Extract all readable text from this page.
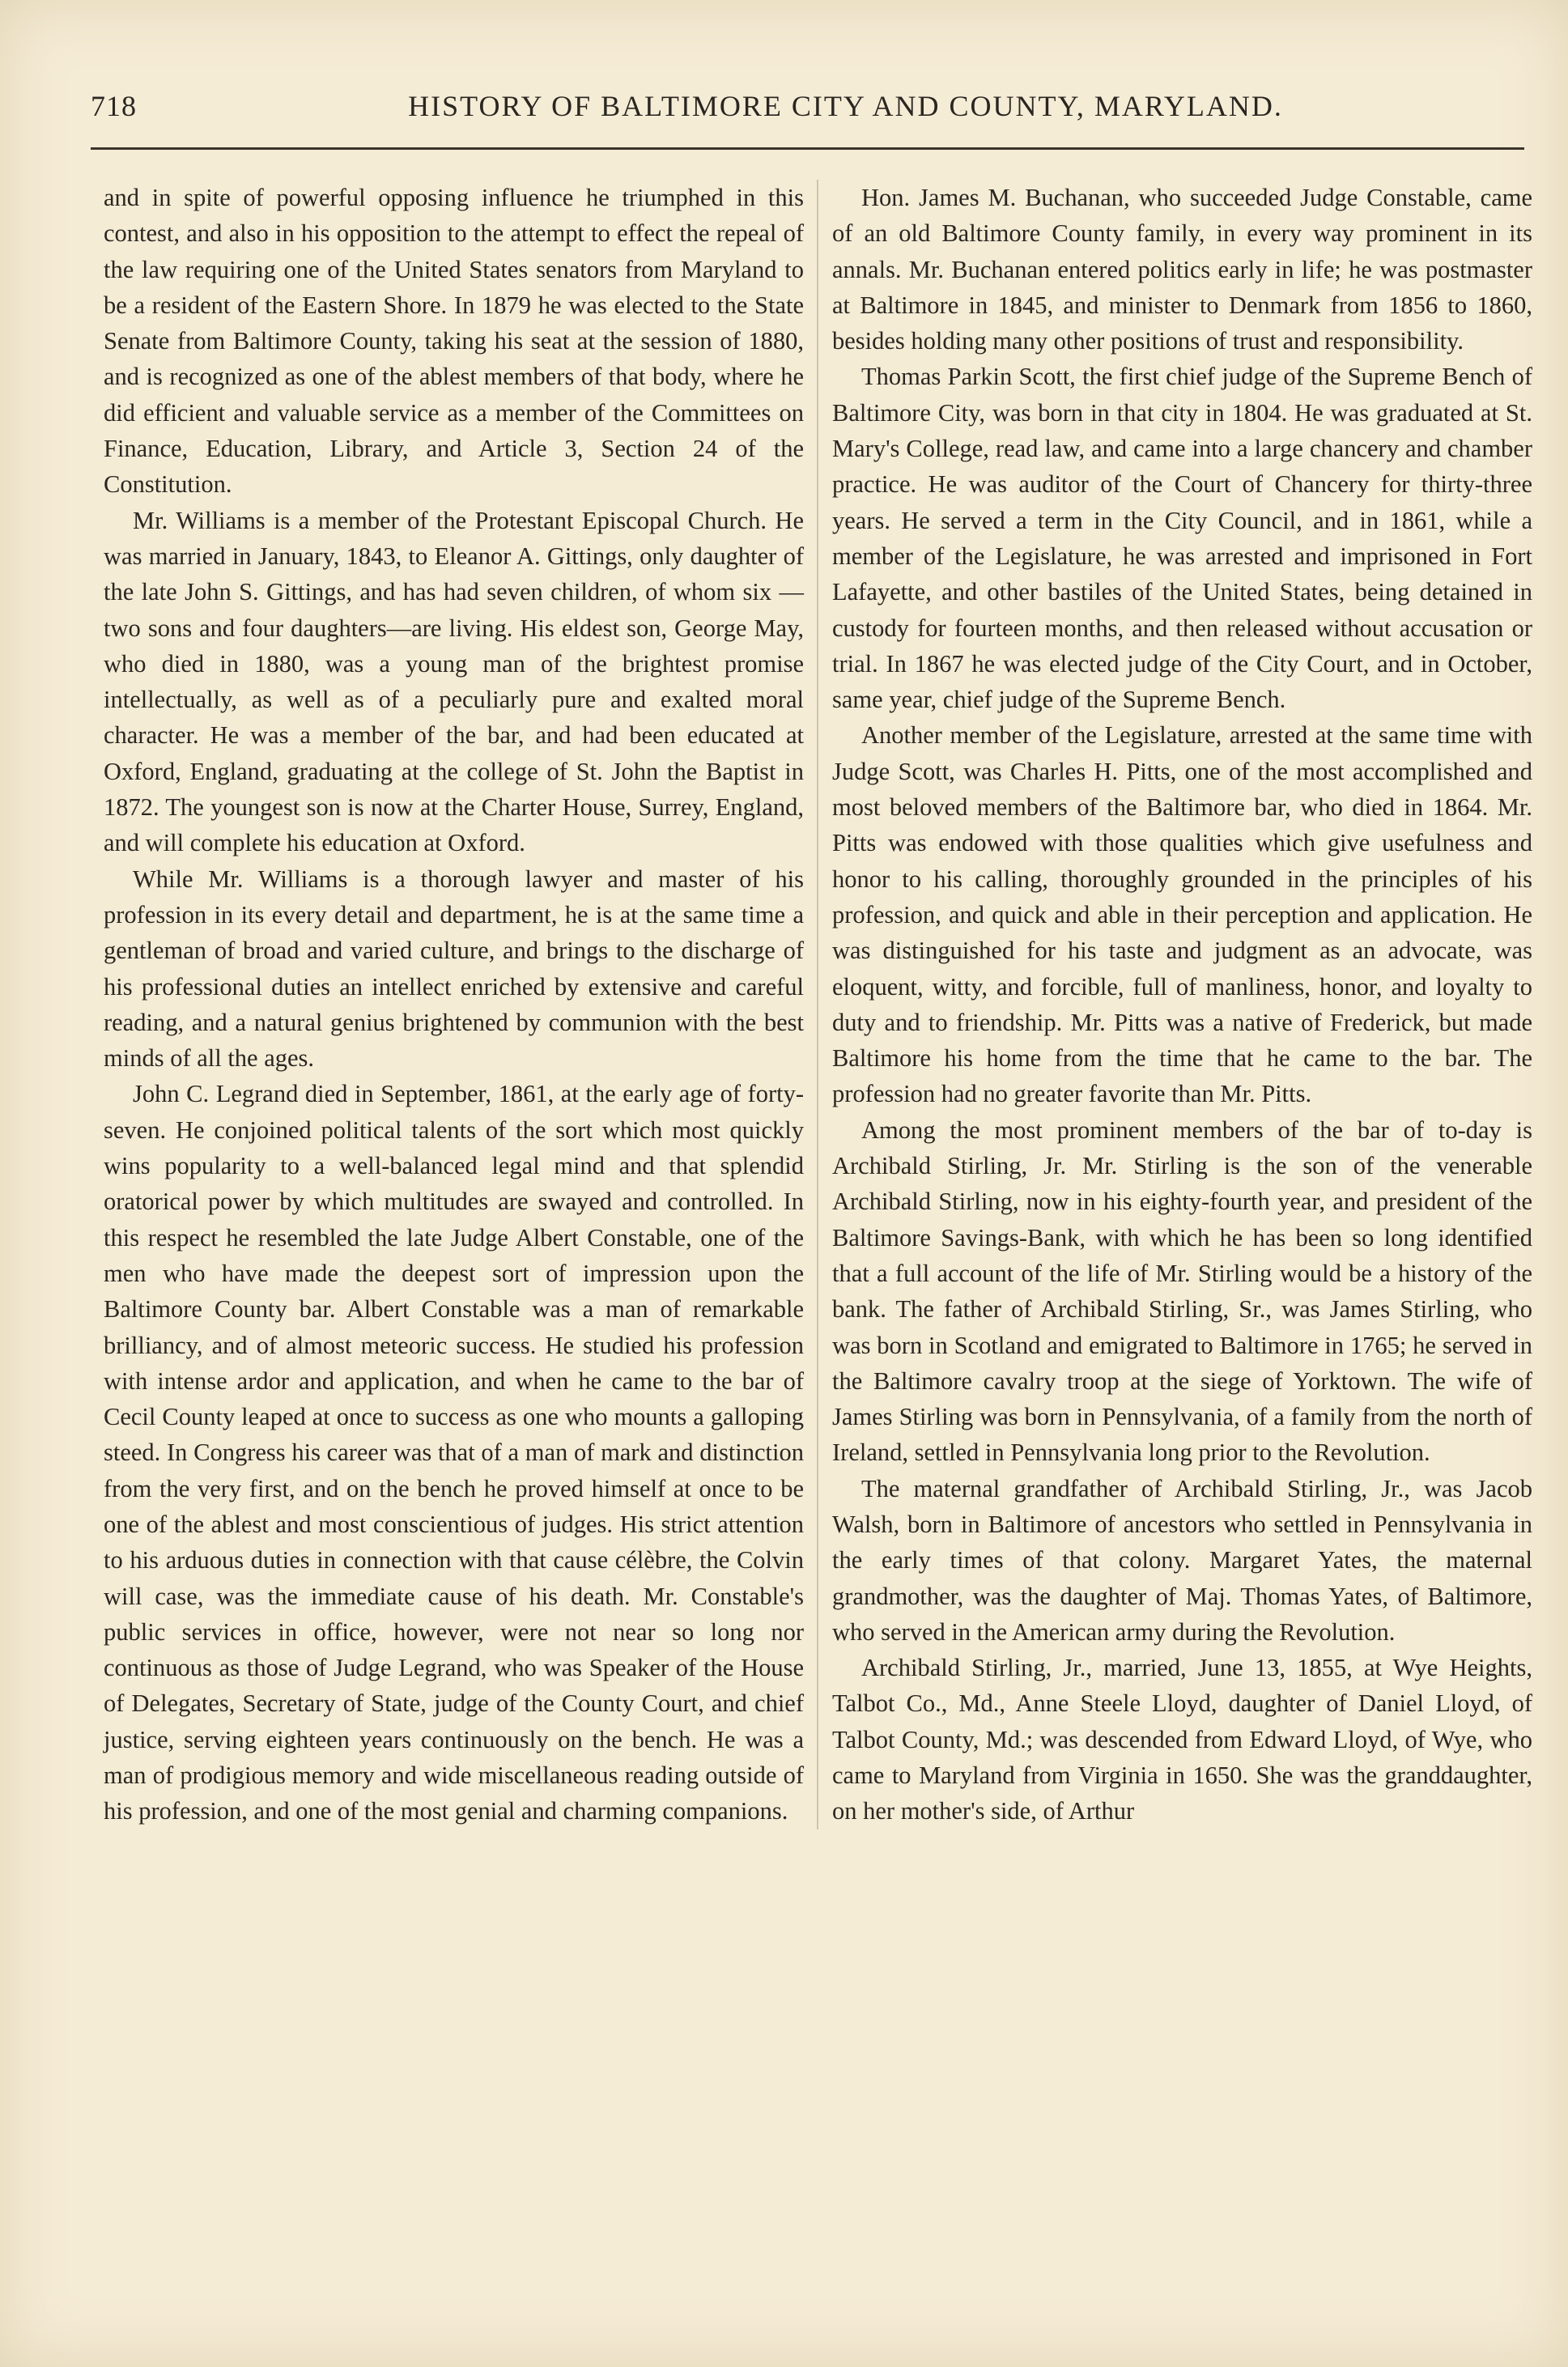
718	HISTORY OF BALTIMORE CITY AND COUNTY, MARYLAND.

and in spite of powerful opposing influence he triumphed in this contest, and also in his opposition to the attempt to effect the repeal of the law requiring one of the United States senators from Maryland to be a resident of the Eastern Shore. In 1879 he was elected to the State Senate from Baltimore County, taking his seat at the session of 1880, and is recognized as one of the ablest members of that body, where he did efficient and valuable service as a member of the Committees on Finance, Education, Library, and Article 3, Section 24 of the Constitution.

Mr. Williams is a member of the Protestant Episcopal Church. He was married in January, 1843, to Eleanor A. Gittings, only daughter of the late John S. Gittings, and has had seven children, of whom six —two sons and four daughters—are living. His eldest son, George May, who died in 1880, was a young man of the brightest promise intellectually, as well as of a peculiarly pure and exalted moral character. He was a member of the bar, and had been educated at Oxford, England, graduating at the college of St. John the Baptist in 1872. The youngest son is now at the Charter House, Surrey, England, and will complete his education at Oxford.

While Mr. Williams is a thorough lawyer and master of his profession in its every detail and department, he is at the same time a gentleman of broad and varied culture, and brings to the discharge of his professional duties an intellect enriched by extensive and careful reading, and a natural genius brightened by communion with the best minds of all the ages.

John C. Legrand died in September, 1861, at the early age of forty-seven. He conjoined political talents of the sort which most quickly wins popularity to a well-balanced legal mind and that splendid oratorical power by which multitudes are swayed and controlled. In this respect he resembled the late Judge Albert Constable, one of the men who have made the deepest sort of impression upon the Baltimore County bar. Albert Constable was a man of remarkable brilliancy, and of almost meteoric success. He studied his profession with intense ardor and application, and when he came to the bar of Cecil County leaped at once to success as one who mounts a galloping steed. In Congress his career was that of a man of mark and distinction from the very first, and on the bench he proved himself at once to be one of the ablest and most conscientious of judges. His strict attention to his arduous duties in connection with that cause célèbre, the Colvin will case, was the immediate cause of his death. Mr. Constable's public services in office, however, were not near so long nor continuous as those of Judge Legrand, who was Speaker of the House of Delegates, Secretary of State, judge of the County Court, and chief justice, serving eighteen years continuously on the bench. He was a man of prodigious memory and wide miscellaneous reading outside of his profession, and one of the most genial and charming companions.

Hon. James M. Buchanan, who succeeded Judge Constable, came of an old Baltimore County family, in every way prominent in its annals. Mr. Buchanan entered politics early in life; he was postmaster at Baltimore in 1845, and minister to Denmark from 1856 to 1860, besides holding many other positions of trust and responsibility.

Thomas Parkin Scott, the first chief judge of the Supreme Bench of Baltimore City, was born in that city in 1804. He was graduated at St. Mary's College, read law, and came into a large chancery and chamber practice. He was auditor of the Court of Chancery for thirty-three years. He served a term in the City Council, and in 1861, while a member of the Legislature, he was arrested and imprisoned in Fort Lafayette, and other bastiles of the United States, being detained in custody for fourteen months, and then released without accusation or trial. In 1867 he was elected judge of the City Court, and in October, same year, chief judge of the Supreme Bench.

Another member of the Legislature, arrested at the same time with Judge Scott, was Charles H. Pitts, one of the most accomplished and most beloved members of the Baltimore bar, who died in 1864. Mr. Pitts was endowed with those qualities which give usefulness and honor to his calling, thoroughly grounded in the principles of his profession, and quick and able in their perception and application. He was distinguished for his taste and judgment as an advocate, was eloquent, witty, and forcible, full of manliness, honor, and loyalty to duty and to friendship. Mr. Pitts was a native of Frederick, but made Baltimore his home from the time that he came to the bar. The profession had no greater favorite than Mr. Pitts.

Among the most prominent members of the bar of to-day is Archibald Stirling, Jr. Mr. Stirling is the son of the venerable Archibald Stirling, now in his eighty-fourth year, and president of the Baltimore Savings-Bank, with which he has been so long identified that a full account of the life of Mr. Stirling would be a history of the bank. The father of Archibald Stirling, Sr., was James Stirling, who was born in Scotland and emigrated to Baltimore in 1765; he served in the Baltimore cavalry troop at the siege of Yorktown. The wife of James Stirling was born in Pennsylvania, of a family from the north of Ireland, settled in Pennsylvania long prior to the Revolution.

The maternal grandfather of Archibald Stirling, Jr., was Jacob Walsh, born in Baltimore of ancestors who settled in Pennsylvania in the early times of that colony. Margaret Yates, the maternal grandmother, was the daughter of Maj. Thomas Yates, of Baltimore, who served in the American army during the Revolution.

Archibald Stirling, Jr., married, June 13, 1855, at Wye Heights, Talbot Co., Md., Anne Steele Lloyd, daughter of Daniel Lloyd, of Talbot County, Md.; was descended from Edward Lloyd, of Wye, who came to Maryland from Virginia in 1650. She was the granddaughter, on her mother's side, of Arthur
